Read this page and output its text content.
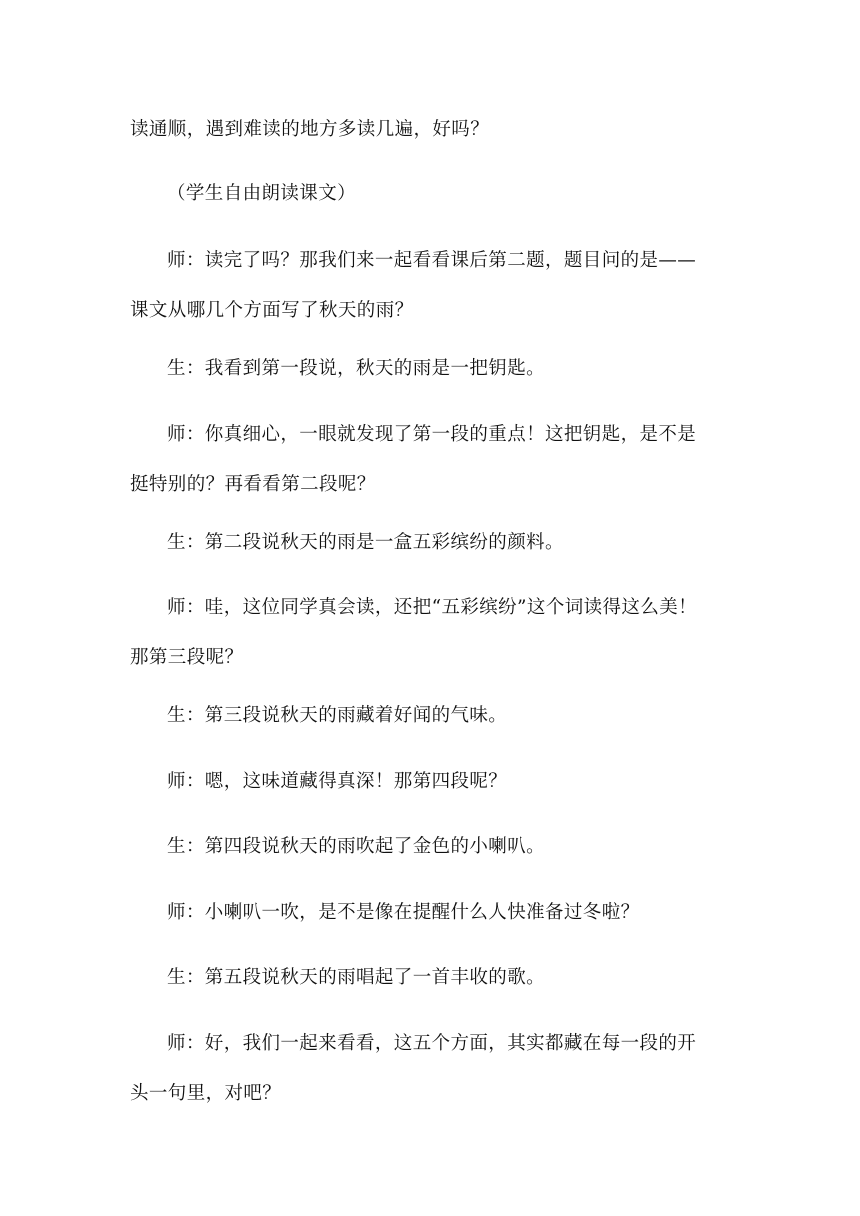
读通顺，遇到难读的地方多读几遍，好吗？

（学生自由朗读课文）

师：读完了吗？那我们来一起看看课后第二题，题目问的是——
课文从哪几个方面写了秋天的雨？

生：我看到第一段说，秋天的雨是一把钥匙。

师：你真细心，一眼就发现了第一段的重点！这把钥匙，是不是
挺特别的？再看看第二段呢？

生：第二段说秋天的雨是一盒五彩缤纷的颜料。

师：哇，这位同学真会读，还把“五彩缤纷”这个词读得这么美！
那第三段呢？

生：第三段说秋天的雨藏着好闻的气味。

师：嗯，这味道藏得真深！那第四段呢？

生：第四段说秋天的雨吹起了金色的小喇叭。

师：小喇叭一吹，是不是像在提醒什么人快准备过冬啦？

生：第五段说秋天的雨唱起了一首丰收的歌。

师：好，我们一起来看看，这五个方面，其实都藏在每一段的开
头一句里，对吧？
